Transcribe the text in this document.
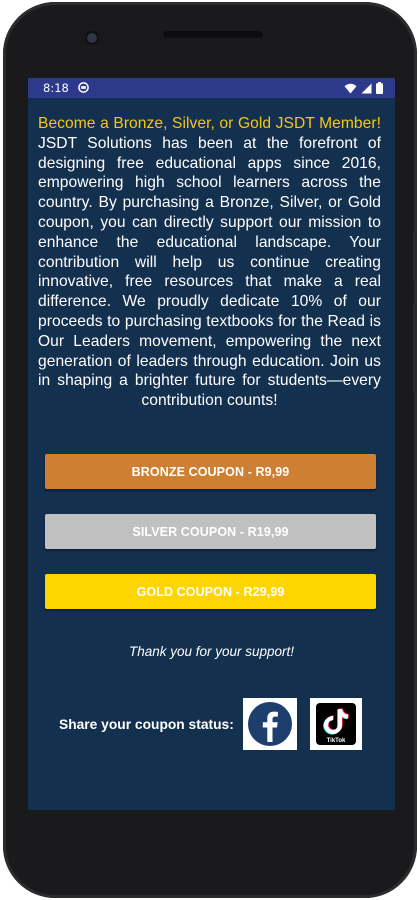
8:18
Become a Bronze, Silver, or Gold JSDT Member! JSDT Solutions has been at the forefront of designing free educational apps since 2016, empowering high school learners across the country. By purchasing a Bronze, Silver, or Gold coupon, you can directly support our mission to enhance the educational landscape. Your contribution will help us continue creating innovative, free resources that make a real difference. We proudly dedicate 10% of our proceeds to purchasing textbooks for the Read is Our Leaders movement, empowering the next generation of leaders through education. Join us in shaping a brighter future for students—every contribution counts!
BRONZE COUPON - R9,99
SILVER COUPON - R19,99
GOLD COUPON - R29,99
Thank you for your support!
Share your coupon status:
TikTok
